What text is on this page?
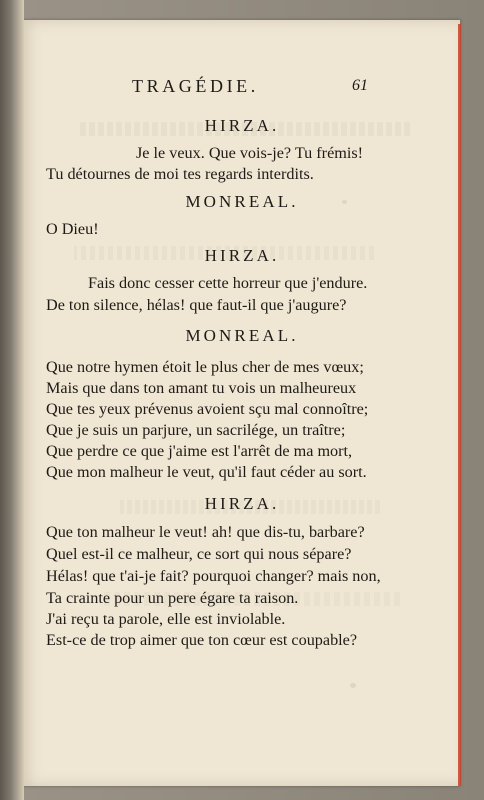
TRAGÉDIE.	61
HIRZA.
Je le veux. Que vois-je? Tu frémis!
Tu détournes de moi tes regards interdits.
MONREAL.
O Dieu!
HIRZA.
Fais donc cesser cette horreur que j'endure.
De ton silence, hélas! que faut-il que j'augure?
MONREAL.
Que notre hymen étoit le plus cher de mes vœux;
Mais que dans ton amant tu vois un malheureux
Que tes yeux prévenus avoient sçu mal connoître;
Que je suis un parjure, un sacrilége, un traître;
Que perdre ce que j'aime est l'arrêt de ma mort,
Que mon malheur le veut, qu'il faut céder au sort.
HIRZA.
Que ton malheur le veut! ah! que dis-tu, barbare?
Quel est-il ce malheur, ce sort qui nous sépare?
Hélas! que t'ai-je fait? pourquoi changer? mais non,
Ta crainte pour un pere égare ta raison.
J'ai reçu ta parole, elle est inviolable.
Est-ce de trop aimer que ton cœur est coupable?
